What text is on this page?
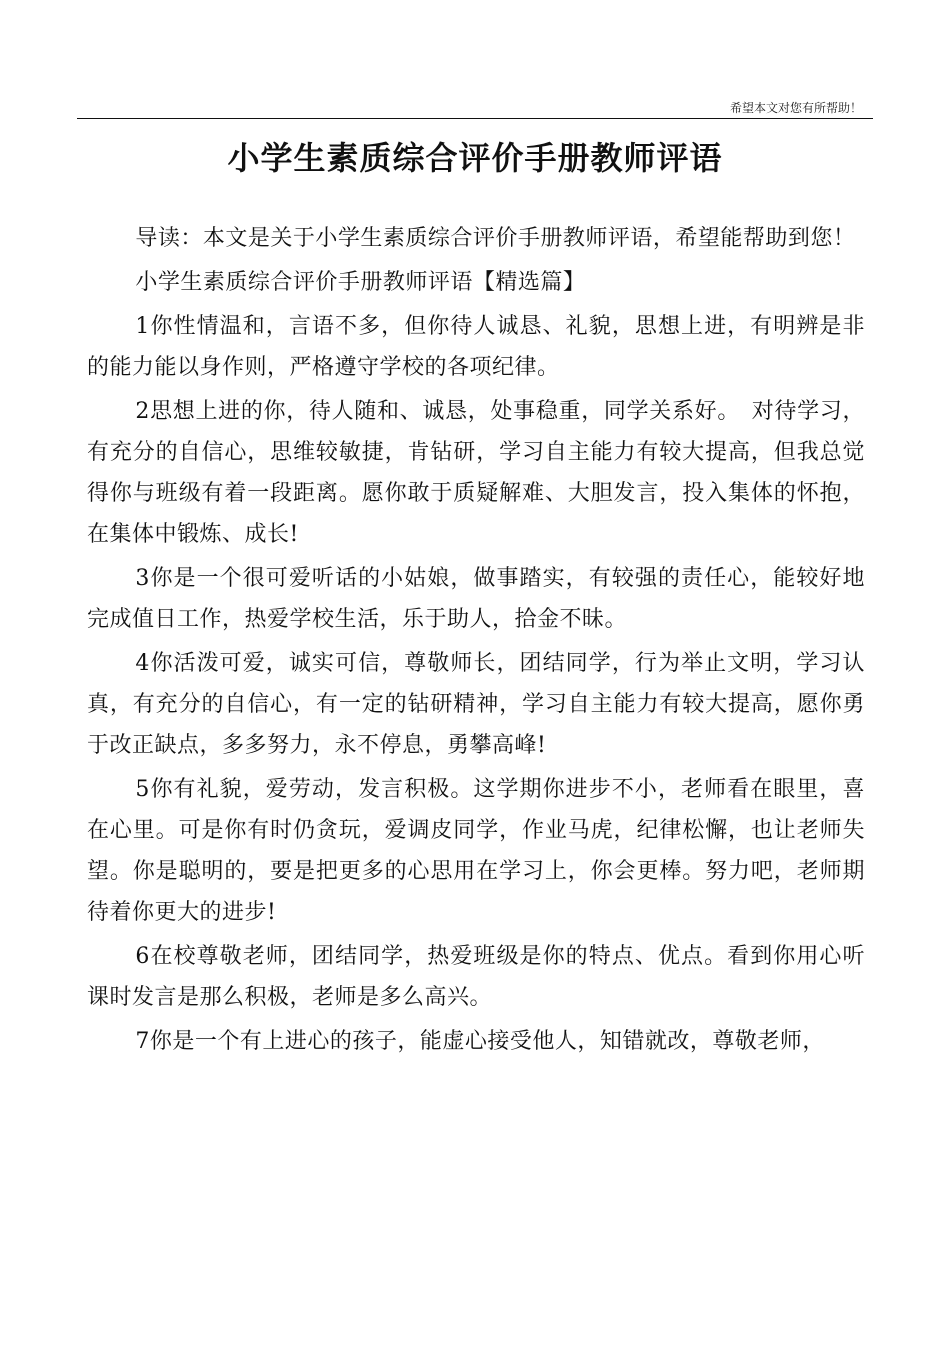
希望本文对您有所帮助！
小学生素质综合评价手册教师评语

导读：本文是关于小学生素质综合评价手册教师评语，希望能帮助到您！

小学生素质综合评价手册教师评语【精选篇】

1你性情温和，言语不多，但你待人诚恳、礼貌，思想上进，有明辨是非的能力能以身作则，严格遵守学校的各项纪律。

2思想上进的你，待人随和、诚恳，处事稳重，同学关系好。　对待学习，有充分的自信心，思维较敏捷，肯钻研，学习自主能力有较大提高，但我总觉得你与班级有着一段距离。愿你敢于质疑解难、大胆发言，投入集体的怀抱，在集体中锻炼、成长!

3你是一个很可爱听话的小姑娘，做事踏实，有较强的责任心，能较好地完成值日工作，热爱学校生活，乐于助人，拾金不昧。

4你活泼可爱，诚实可信，尊敬师长，团结同学，行为举止文明，学习认真，有充分的自信心，有一定的钻研精神，学习自主能力有较大提高，愿你勇于改正缺点，多多努力，永不停息，勇攀高峰!

5你有礼貌，爱劳动，发言积极。这学期你进步不小，老师看在眼里，喜在心里。可是你有时仍贪玩，爱调皮同学，作业马虎，纪律松懈，也让老师失望。你是聪明的，要是把更多的心思用在学习上，你会更棒。努力吧，老师期待着你更大的进步!

6在校尊敬老师，团结同学，热爱班级是你的特点、优点。看到你用心听课时发言是那么积极，老师是多么高兴。

7你是一个有上进心的孩子，能虚心接受他人，知错就改，尊敬老师，
